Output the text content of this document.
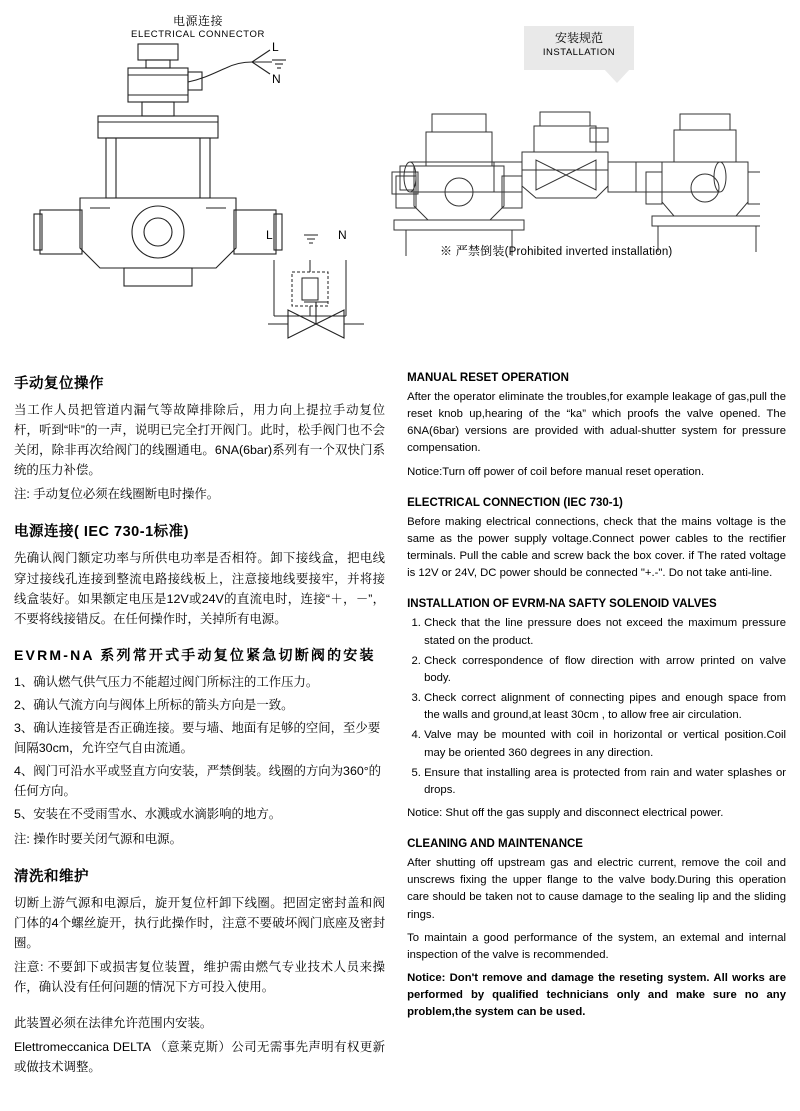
电源连接
ELECTRICAL CONNECTOR	安装规范
INSTALLATION
L
N
L	N
※ 严禁倒装(Prohibited inverted installation)
手动复位操作

当工作人员把管道内漏气等故障排除后，用力向上提拉手动复位杆，听到“咔”的一声，说明已完全打开阀门。此时，松手阀门也不会关闭，除非再次给阀门的线圈通电。6NA(6bar)系列有一个双快门系统的压力补偿。

注: 手动复位必须在线圈断电时操作。

电源连接( IEC 730-1标准)

先确认阀门额定功率与所供电功率是否相符。卸下接线盒，把电线穿过接线孔连接到整流电路接线板上，注意接地线要接牢，并将接线盒装好。如果额定电压是12V或24V的直流电时，连接“＋，－”，不要将线接错反。在任何操作时，关掉所有电源。

EVRM-NA 系列常开式手动复位紧急切断阀的安装

1、确认燃气供气压力不能超过阀门所标注的工作压力。

2、确认气流方向与阀体上所标的箭头方向是一致。

3、确认连接管是否正确连接。要与墙、地面有足够的空间，至少要间隔30cm，允许空气自由流通。

4、阀门可沿水平或竖直方向安装，严禁倒装。线圈的方向为360°的任何方向。

5、安装在不受雨雪水、水溅或水滴影响的地方。

注: 操作时要关闭气源和电源。

清洗和维护

切断上游气源和电源后，旋开复位杆卸下线圈。把固定密封盖和阀门体的4个螺丝旋开，执行此操作时，注意不要破坏阀门底座及密封圈。

注意: 不要卸下或损害复位装置，维护需由燃气专业技术人员来操作，确认没有任何问题的情况下方可投入使用。

此装置必须在法律允许范围内安装。

Elettromeccanica DELTA （意莱克斯）公司无需事先声明有权更新或做技术调整。

MANUAL RESET OPERATION

After the operator eliminate the troubles,for example leakage of gas,pull the reset knob up,hearing of the “ka” which proofs the valve opened. The 6NA(6bar) versions are provided with adual-shutter system for pressure compensation.

Notice:Turn off power of coil before manual reset operation.

ELECTRICAL CONNECTION (IEC 730-1)

Before making electrical connections, check that the mains voltage is the same as the power supply voltage.Connect power cables to the rectifier terminals. Pull the cable and screw back the box cover. if The rated voltage is 12V or 24V, DC power should be connected "+.-". Do not take anti-line.

INSTALLATION OF EVRM-NA SAFTY SOLENOID VALVES
1. Check that the line pressure does not exceed the maximum pressure stated on the product.
2. Check correspondence of flow direction with arrow printed on valve body.
3. Check correct alignment of connecting pipes and enough space from the walls and ground,at least 30cm , to allow free air circulation.
4. Valve may be mounted with coil in horizontal or vertical position.Coil may be oriented 360 degrees in any direction.
5. Ensure that installing area is protected from rain and water splashes or drops.

Notice: Shut off the gas supply and disconnect electrical power.

CLEANING AND MAINTENANCE

After shutting off upstream gas and electric current, remove the coil and unscrews fixing the upper flange to the valve body.During this operation care should be taken not to cause damage to the sealing lip and the sliding rings.

To maintain a good performance of the system, an extemal and internal inspection of the valve is recommended.

Notice: Don't remove and damage the reseting system. All works are performed by qualified technicians only and make sure no any problem,the system can be used.
